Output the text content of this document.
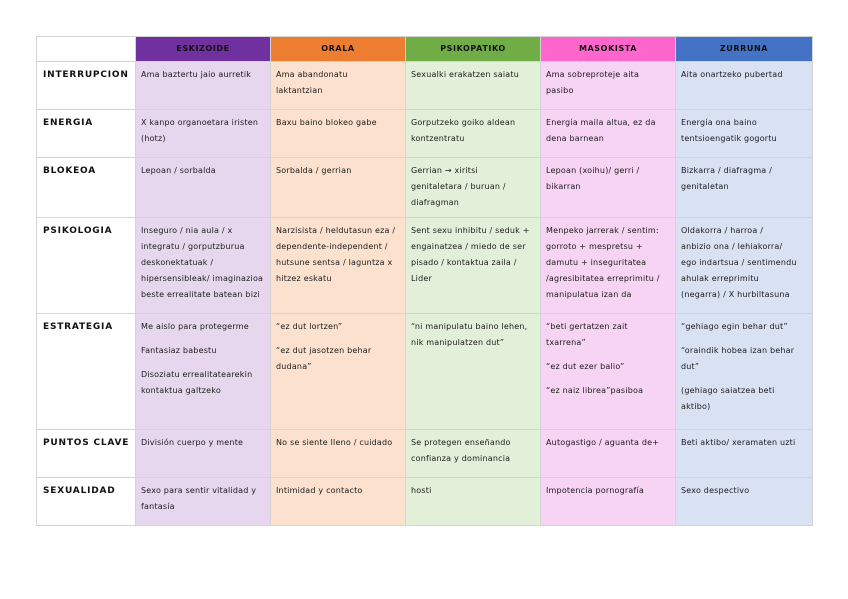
	ESKIZOIDE	ORALA	PSIKOPATIKO	MASOKISTA	ZURRUNA
INTERRUPCION	Ama baztertu jaio aurretik	Ama abandonatu
laktantzian	Sexualki erakatzen saiatu	Ama sobreproteje aita
pasibo	Aita onartzeko pubertad

ENERGIA	X kanpo organoetara iristen
(hotz)	Baxu baino blokeo gabe	Gorputzeko goiko aldean
kontzentratu	Energía maila altua, ez da
dena barnean	Energía ona baino
tentsioengatik gogortu

BLOKEOA	Lepoan / sorbalda	Sorbalda / gerrian	Gerrian → xiritsi
genitaletara / buruan /
diafragman	Lepoan (xoihu)/ gerri /
bikarran	Bizkarra / diafragma /
genitaletan

PSIKOLOGIA	Inseguro / nia aula / x
integratu / gorputzburua
deskonektatuak /
hipersensibleak/ imaginazioa
beste errealitate batean bizi	Narzisista / heldutasun eza /
dependente-independent /
hutsune sentsa / laguntza x
hitzez eskatu	Sent sexu inhibitu / seduk +
engainatzea / miedo de ser
pisado / kontaktua zaila /
Lider	Menpeko jarrerak / sentim:
gorroto + mespretsu +
damutu + inseguritatea
/agresibitatea erreprimitu /
manipulatua izan da	Oldakorra / harroa /
anbizio ona / lehiakorra/
ego indartsua / sentimendu
ahulak erreprimitu
(negarra) / X hurbiltasuna

ESTRATEGIA	Me aislo para protegerme
Fantasiaz babestu
Disoziatu errealitatearekin
kontaktua galtzeko	“ez dut lortzen”
“ez dut jasotzen behar
dudana”	“ni manipulatu baino lehen,
nik manipulatzen dut”	“beti gertatzen zait
txarrena”
“ez dut ezer balio”
“ez naiz librea”pasiboa	“gehiago egin behar dut”
“oraindik hobea izan behar
dut”
(gehiago saiatzea beti
aktibo)

PUNTOS CLAVE	División cuerpo y mente	No se siente lleno / cuidado	Se protegen enseñando
confianza y dominancia	Autogastigo / aguanta de+	Beti aktibo/ xeramaten uzti

SEXUALIDAD	Sexo para sentir vitalidad y
fantasía	Intimidad y contacto	hosti	Impotencia pornografía	Sexo despectivo
